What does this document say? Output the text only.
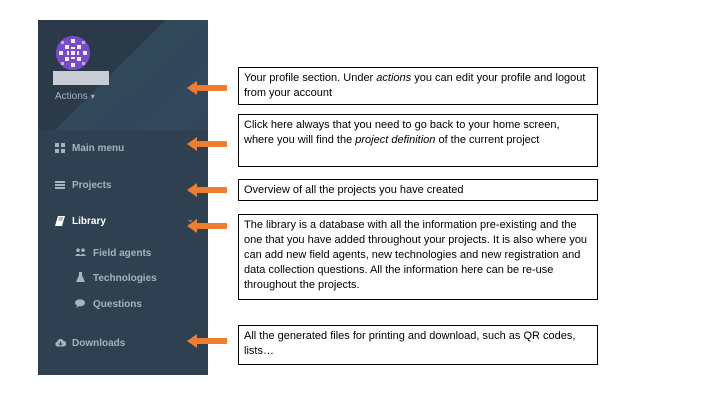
Actions ▾
Main menu
Projects
Library	⌄
Field agents
Technologies
Questions
Downloads
Your profile section. Under actions you can edit your profile and logout from your account
Click here always that you need to go back to your home screen, where you will find the project definition of the current project
Overview of all the projects you have created
The library is a database with all the information pre-existing and the one that you have added throughout your projects. It is also where you can add new field agents, new technologies and new registration and data collection questions. All the information here can be re-use throughout the projects.
All the generated files for printing and download, such as QR codes, lists…
